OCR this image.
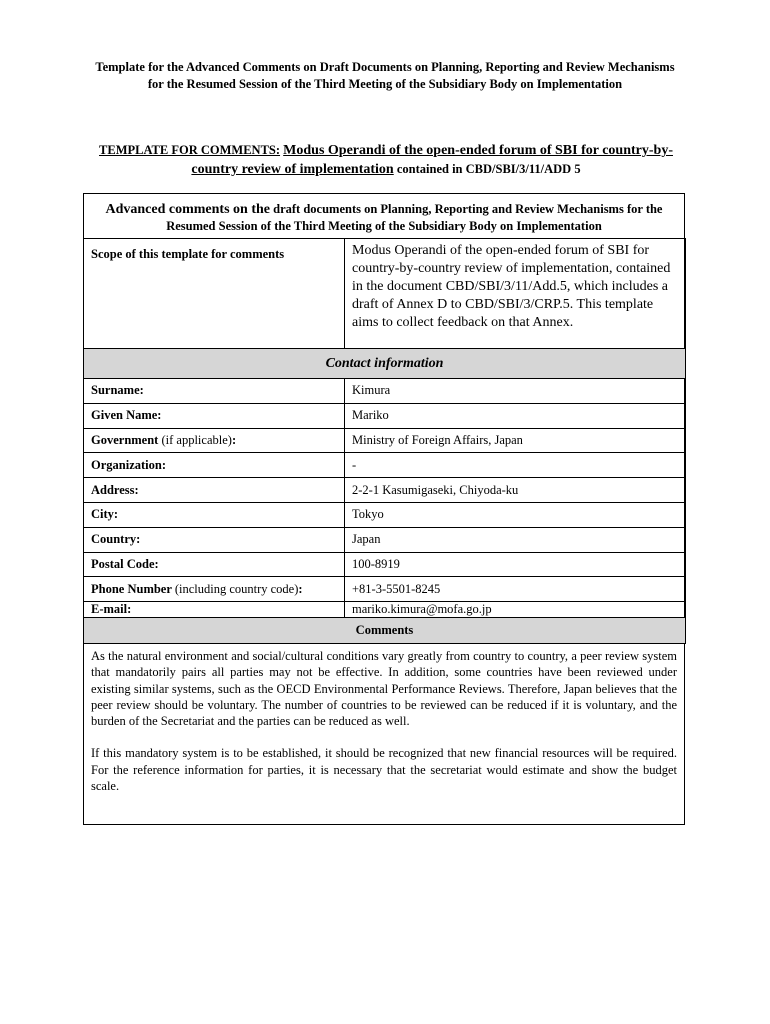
Template for the Advanced Comments on Draft Documents on Planning, Reporting and Review Mechanisms for the Resumed Session of the Third Meeting of the Subsidiary Body on Implementation
TEMPLATE FOR COMMENTS: Modus Operandi of the open-ended forum of SBI for country-by-country review of implementation contained in CBD/SBI/3/11/ADD 5
Advanced comments on the draft documents on Planning, Reporting and Review Mechanisms for the Resumed Session of the Third Meeting of the Subsidiary Body on Implementation
Scope of this template for comments	Modus Operandi of the open-ended forum of SBI for country-by-country review of implementation, contained in the document CBD/SBI/3/11/Add.5, which includes a draft of Annex D to CBD/SBI/3/CRP.5. This template aims to collect feedback on that Annex.
Contact information	
Surname:	Kimura
Given Name:	Mariko
Government (if applicable):	Ministry of Foreign Affairs, Japan
Organization:	-
Address:	2-2-1 Kasumigaseki, Chiyoda-ku
City:	Tokyo
Country:	Japan
Postal Code:	100-8919
Phone Number (including country code):	+81-3-5501-8245
E-mail:	mariko.kimura@mofa.go.jp
Comments	

As the natural environment and social/cultural conditions vary greatly from country to country, a peer review system that mandatorily pairs all parties may not be effective. In addition, some countries have been reviewed under existing similar systems, such as the OECD Environmental Performance Reviews. Therefore, Japan believes that the peer review should be voluntary. The number of countries to be reviewed can be reduced if it is voluntary, and the burden of the Secretariat and the parties can be reduced as well.

If this mandatory system is to be established, it should be recognized that new financial resources will be required. For the reference information for parties, it is necessary that the secretariat would estimate and show the budget scale.
